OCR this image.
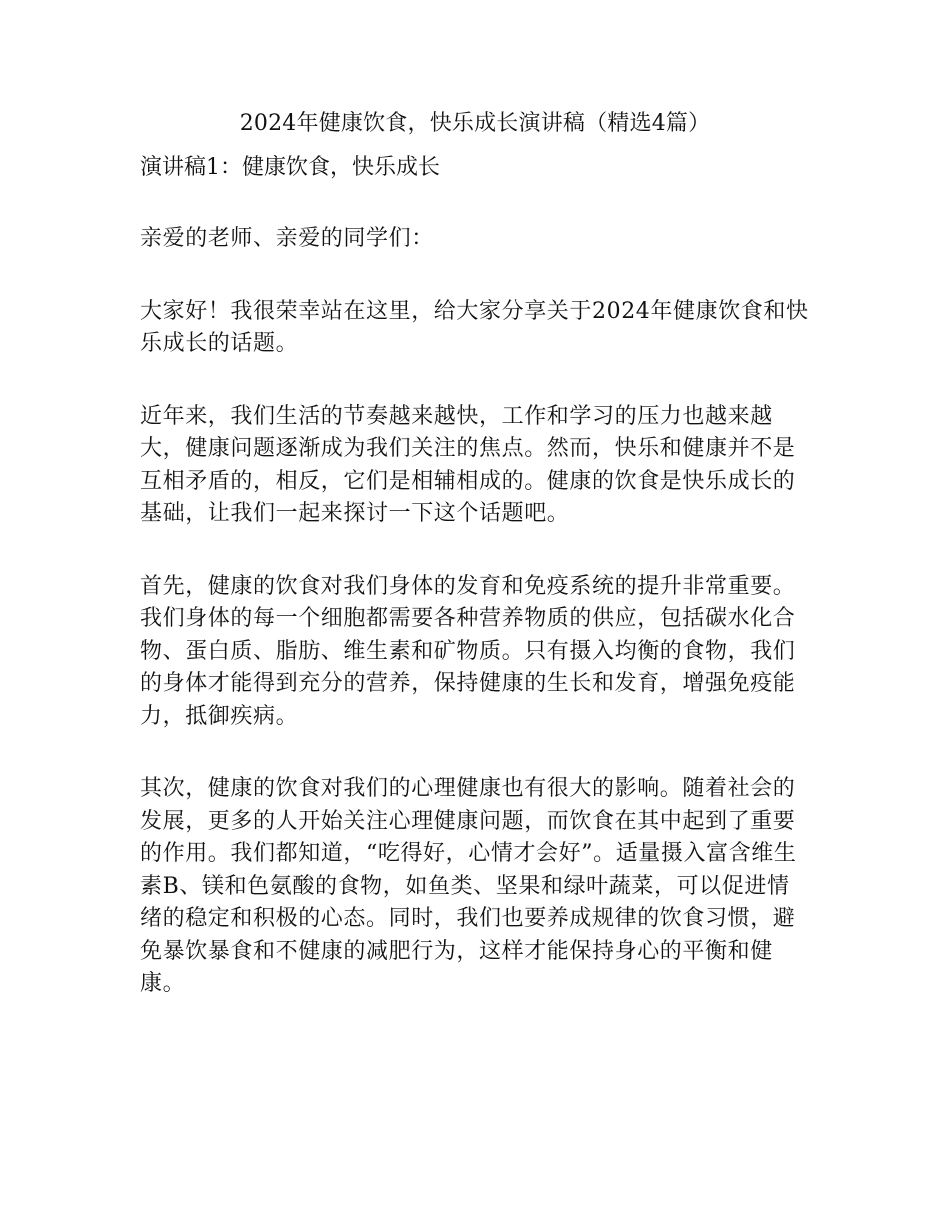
2024年健康饮食，快乐成长演讲稿（精选4篇）
演讲稿1：健康饮食，快乐成长

亲爱的老师、亲爱的同学们：

大家好！我很荣幸站在这里，给大家分享关于2024年健康饮食和快乐成长的话题。

近年来，我们生活的节奏越来越快，工作和学习的压力也越来越大，健康问题逐渐成为我们关注的焦点。然而，快乐和健康并不是互相矛盾的，相反，它们是相辅相成的。健康的饮食是快乐成长的基础，让我们一起来探讨一下这个话题吧。

首先，健康的饮食对我们身体的发育和免疫系统的提升非常重要。我们身体的每一个细胞都需要各种营养物质的供应，包括碳水化合物、蛋白质、脂肪、维生素和矿物质。只有摄入均衡的食物，我们的身体才能得到充分的营养，保持健康的生长和发育，增强免疫能力，抵御疾病。

其次，健康的饮食对我们的心理健康也有很大的影响。随着社会的发展，更多的人开始关注心理健康问题，而饮食在其中起到了重要的作用。我们都知道，“吃得好，心情才会好”。适量摄入富含维生素B、镁和色氨酸的食物，如鱼类、坚果和绿叶蔬菜，可以促进情绪的稳定和积极的心态。同时，我们也要养成规律的饮食习惯，避免暴饮暴食和不健康的减肥行为，这样才能保持身心的平衡和健康。
